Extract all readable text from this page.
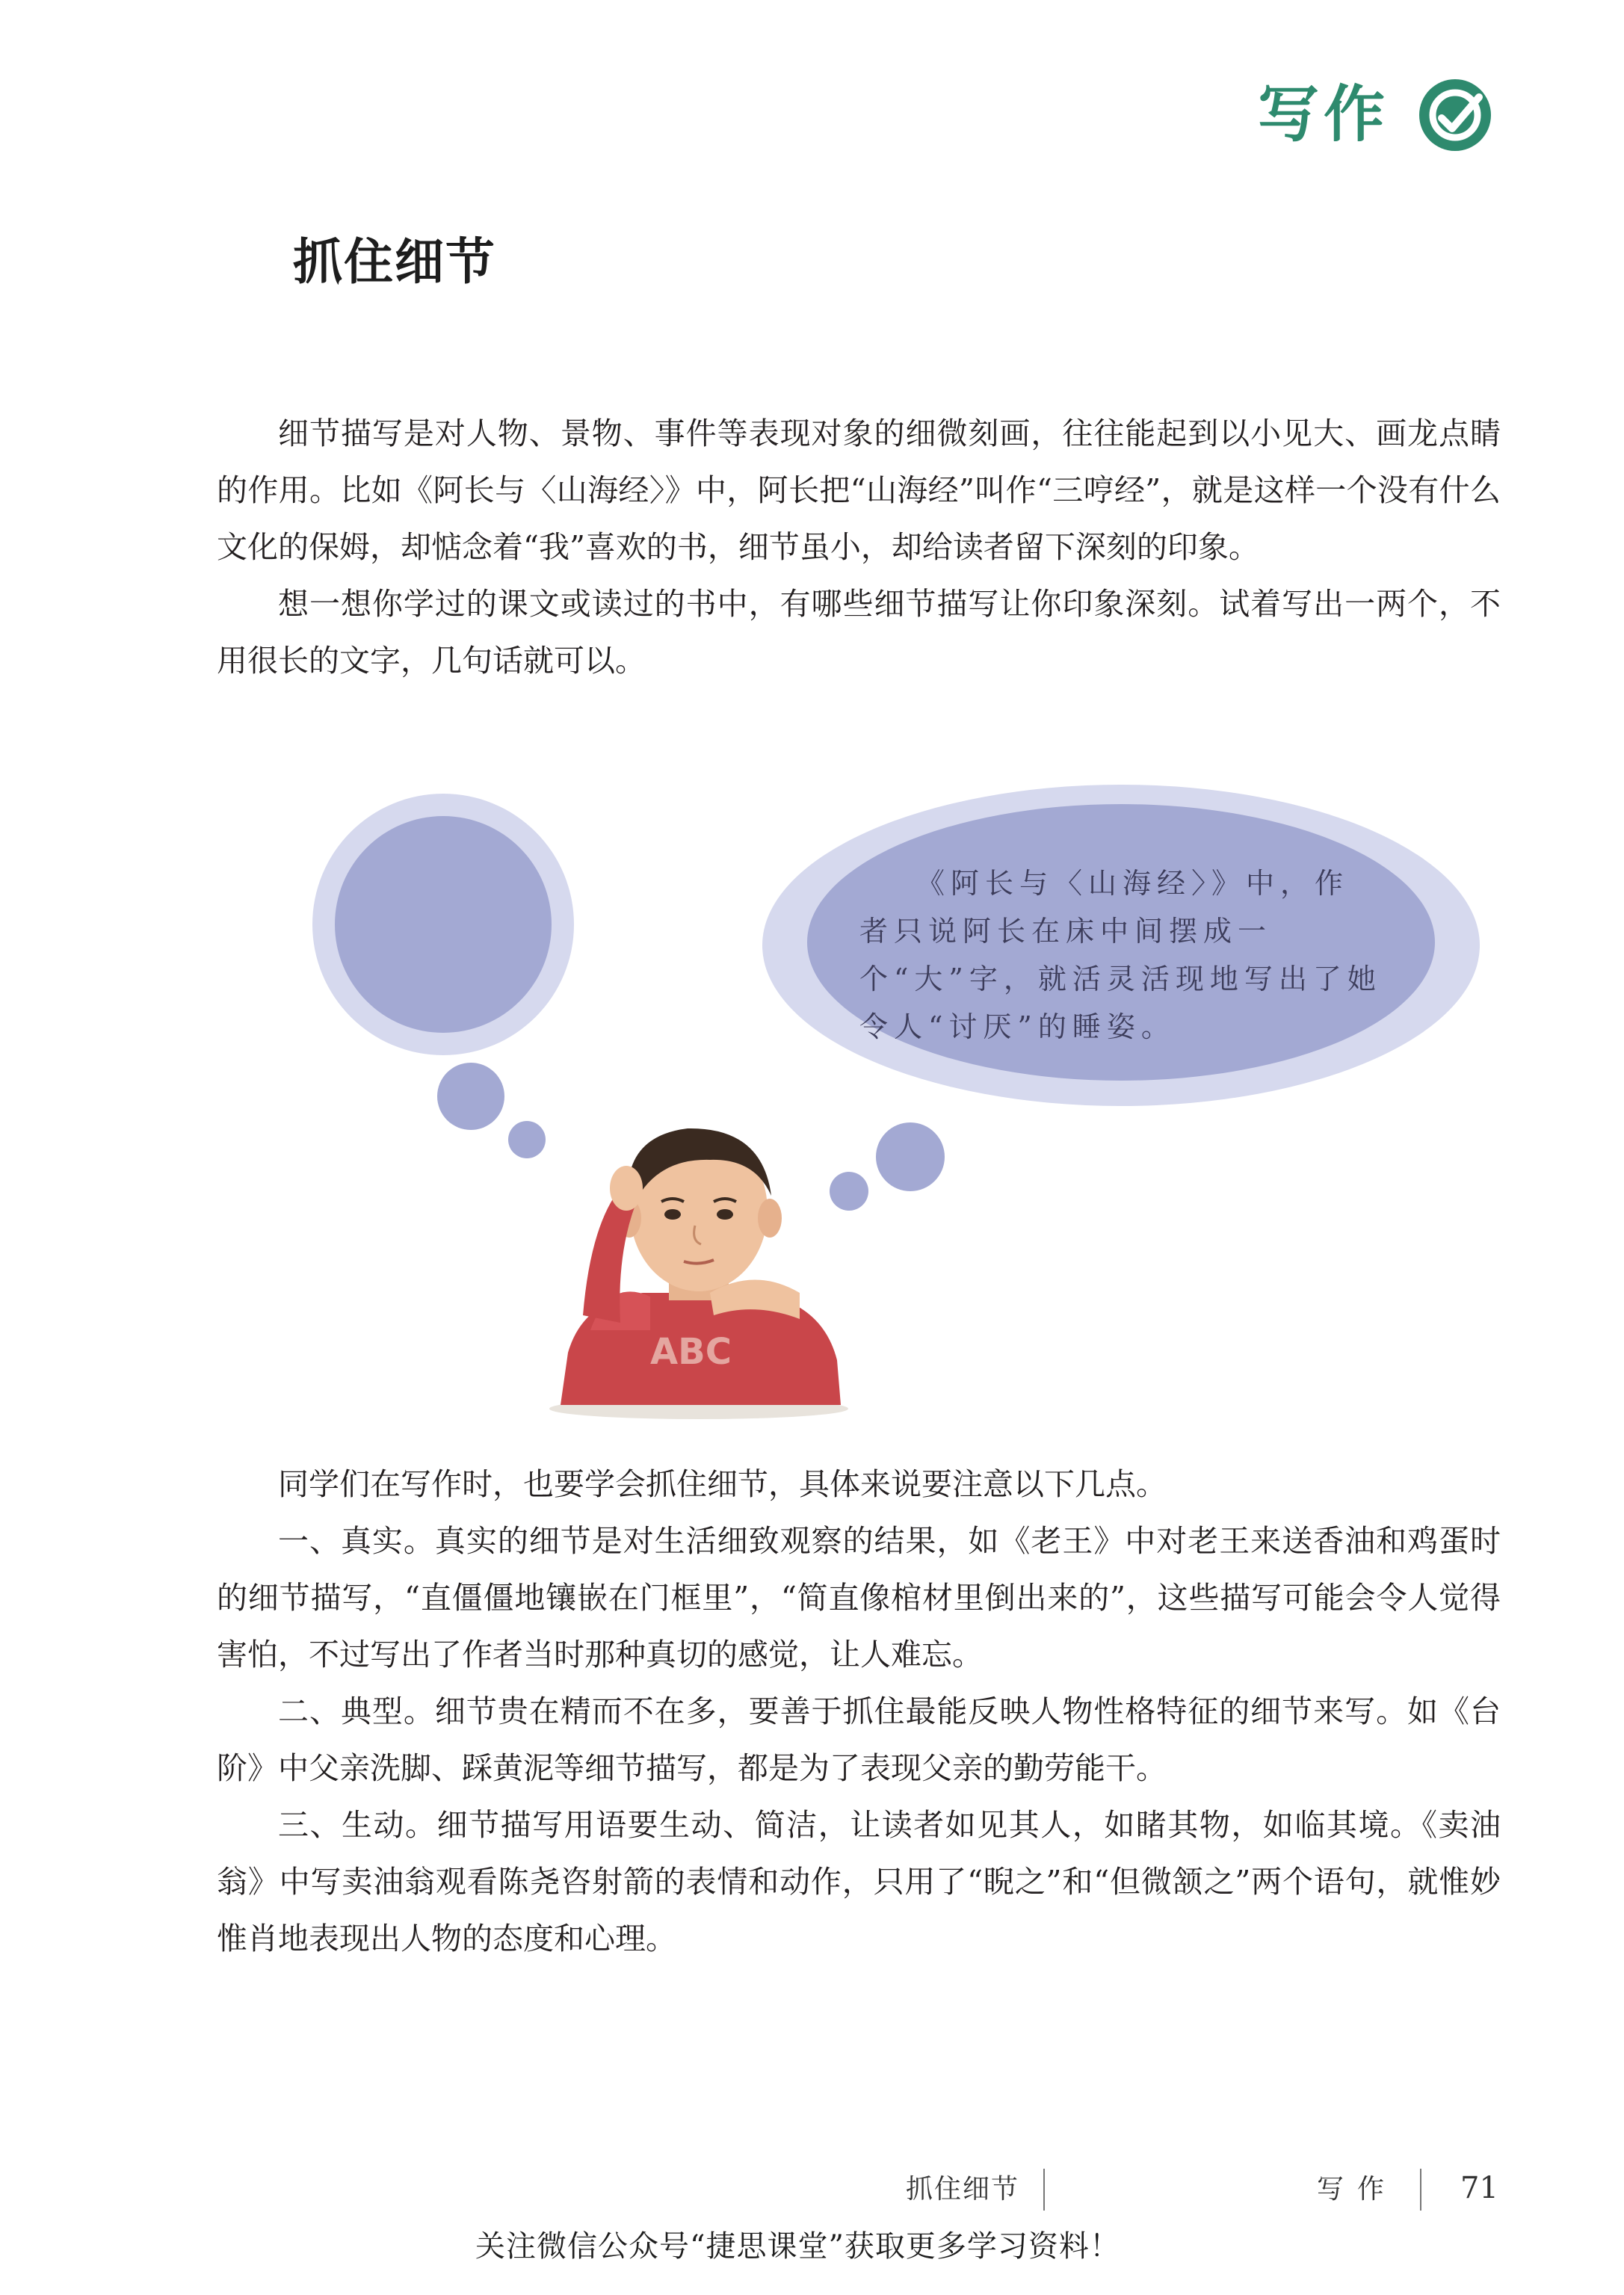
写作
抓住细节

细节描写是对人物、景物、事件等表现对象的细微刻画，往往能起到以小见大、画龙点睛的作用。比如《阿长与〈山海经〉》中，阿长把“山海经”叫作“三哼经”，就是这样一个没有什么文化的保姆，却惦念着“我”喜欢的书，细节虽小，却给读者留下深刻的印象。

想一想你学过的课文或读过的书中，有哪些细节描写让你印象深刻。试着写出一两个，不用很长的文字，几句话就可以。

《阿长与〈山海经〉》中，作者只说阿长在床中间摆成一个“大”字，就活灵活现地写出了她令人“讨厌”的睡姿。

ABC

同学们在写作时，也要学会抓住细节，具体来说要注意以下几点。

一、真实。真实的细节是对生活细致观察的结果，如《老王》中对老王来送香油和鸡蛋时的细节描写，“直僵僵地镶嵌在门框里”，“简直像棺材里倒出来的”，这些描写可能会令人觉得害怕，不过写出了作者当时那种真切的感觉，让人难忘。

二、典型。细节贵在精而不在多，要善于抓住最能反映人物性格特征的细节来写。如《台阶》中父亲洗脚、踩黄泥等细节描写，都是为了表现父亲的勤劳能干。

三、生动。细节描写用语要生动、简洁，让读者如见其人，如睹其物，如临其境。《卖油翁》中写卖油翁观看陈尧咨射箭的表情和动作，只用了“睨之”和“但微颔之”两个语句，就惟妙惟肖地表现出人物的态度和心理。

抓住细节	写作 71
关注微信公众号“捷思课堂”获取更多学习资料！
